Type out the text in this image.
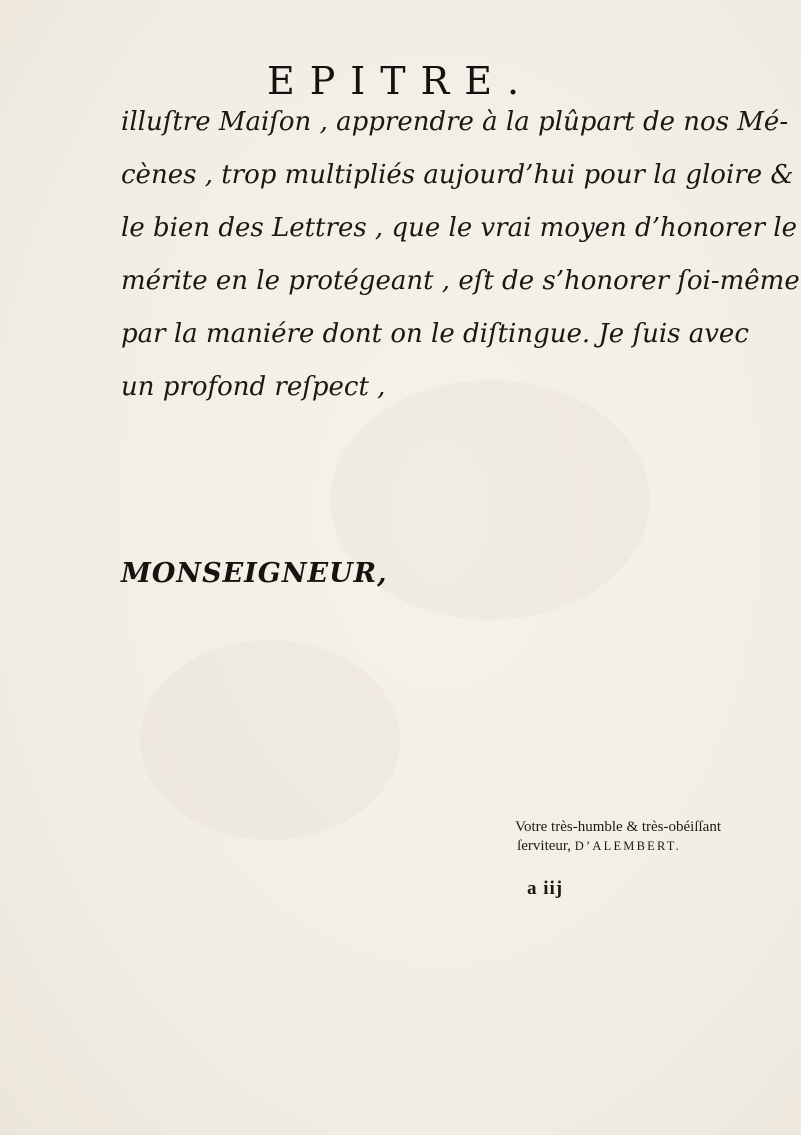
EPITRE.
illuſtre Maiſon , apprendre à la plûpart de nos Mé-
cènes , trop multipliés aujourd’hui pour la gloire &
le bien des Lettres , que le vrai moyen d’honorer le
mérite en le protégeant , eſt de s’honorer ſoi-même
par la maniére dont on le diſtingue. Je ſuis avec
un profond reſpect ,
MONSEIGNEUR,
Votre très-humble & très-obéiſſant
ſerviteur, D’ALEMBERT.
a iij
